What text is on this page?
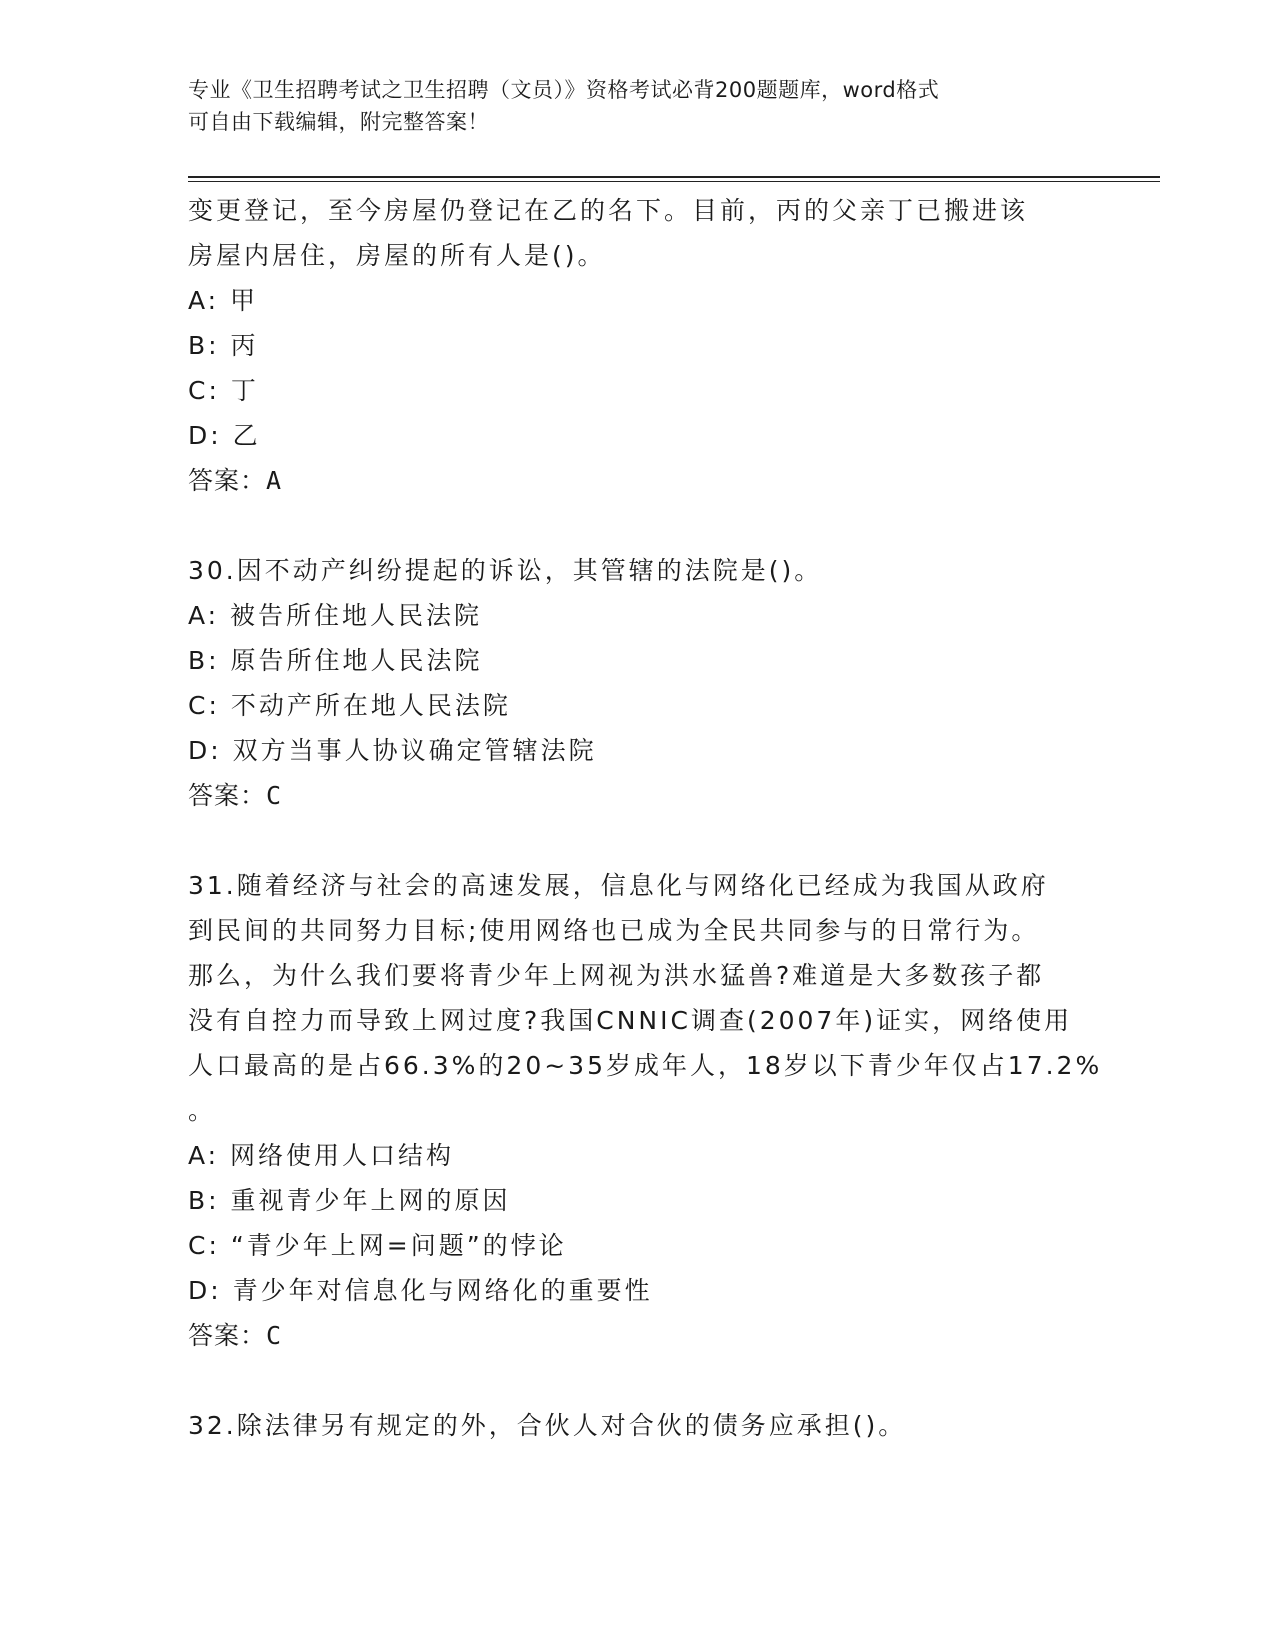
专业《卫生招聘考试之卫生招聘（文员）》资格考试必背200题题库，word格式
可自由下载编辑，附完整答案！
变更登记，至今房屋仍登记在乙的名下。目前，丙的父亲丁已搬进该
房屋内居住，房屋的所有人是()。
A: 甲
B: 丙
C: 丁
D: 乙
答案：A
30.因不动产纠纷提起的诉讼，其管辖的法院是()。
A: 被告所住地人民法院
B: 原告所住地人民法院
C: 不动产所在地人民法院
D: 双方当事人协议确定管辖法院
答案：C
31.随着经济与社会的高速发展，信息化与网络化已经成为我国从政府
到民间的共同努力目标;使用网络也已成为全民共同参与的日常行为。
那么，为什么我们要将青少年上网视为洪水猛兽?难道是大多数孩子都
没有自控力而导致上网过度?我国CNNIC调查(2007年)证实，网络使用
人口最高的是占66.3%的20~35岁成年人，18岁以下青少年仅占17.2%
。
A: 网络使用人口结构
B: 重视青少年上网的原因
C: “青少年上网=问题”的悖论
D: 青少年对信息化与网络化的重要性
答案：C
32.除法律另有规定的外，合伙人对合伙的债务应承担()。
